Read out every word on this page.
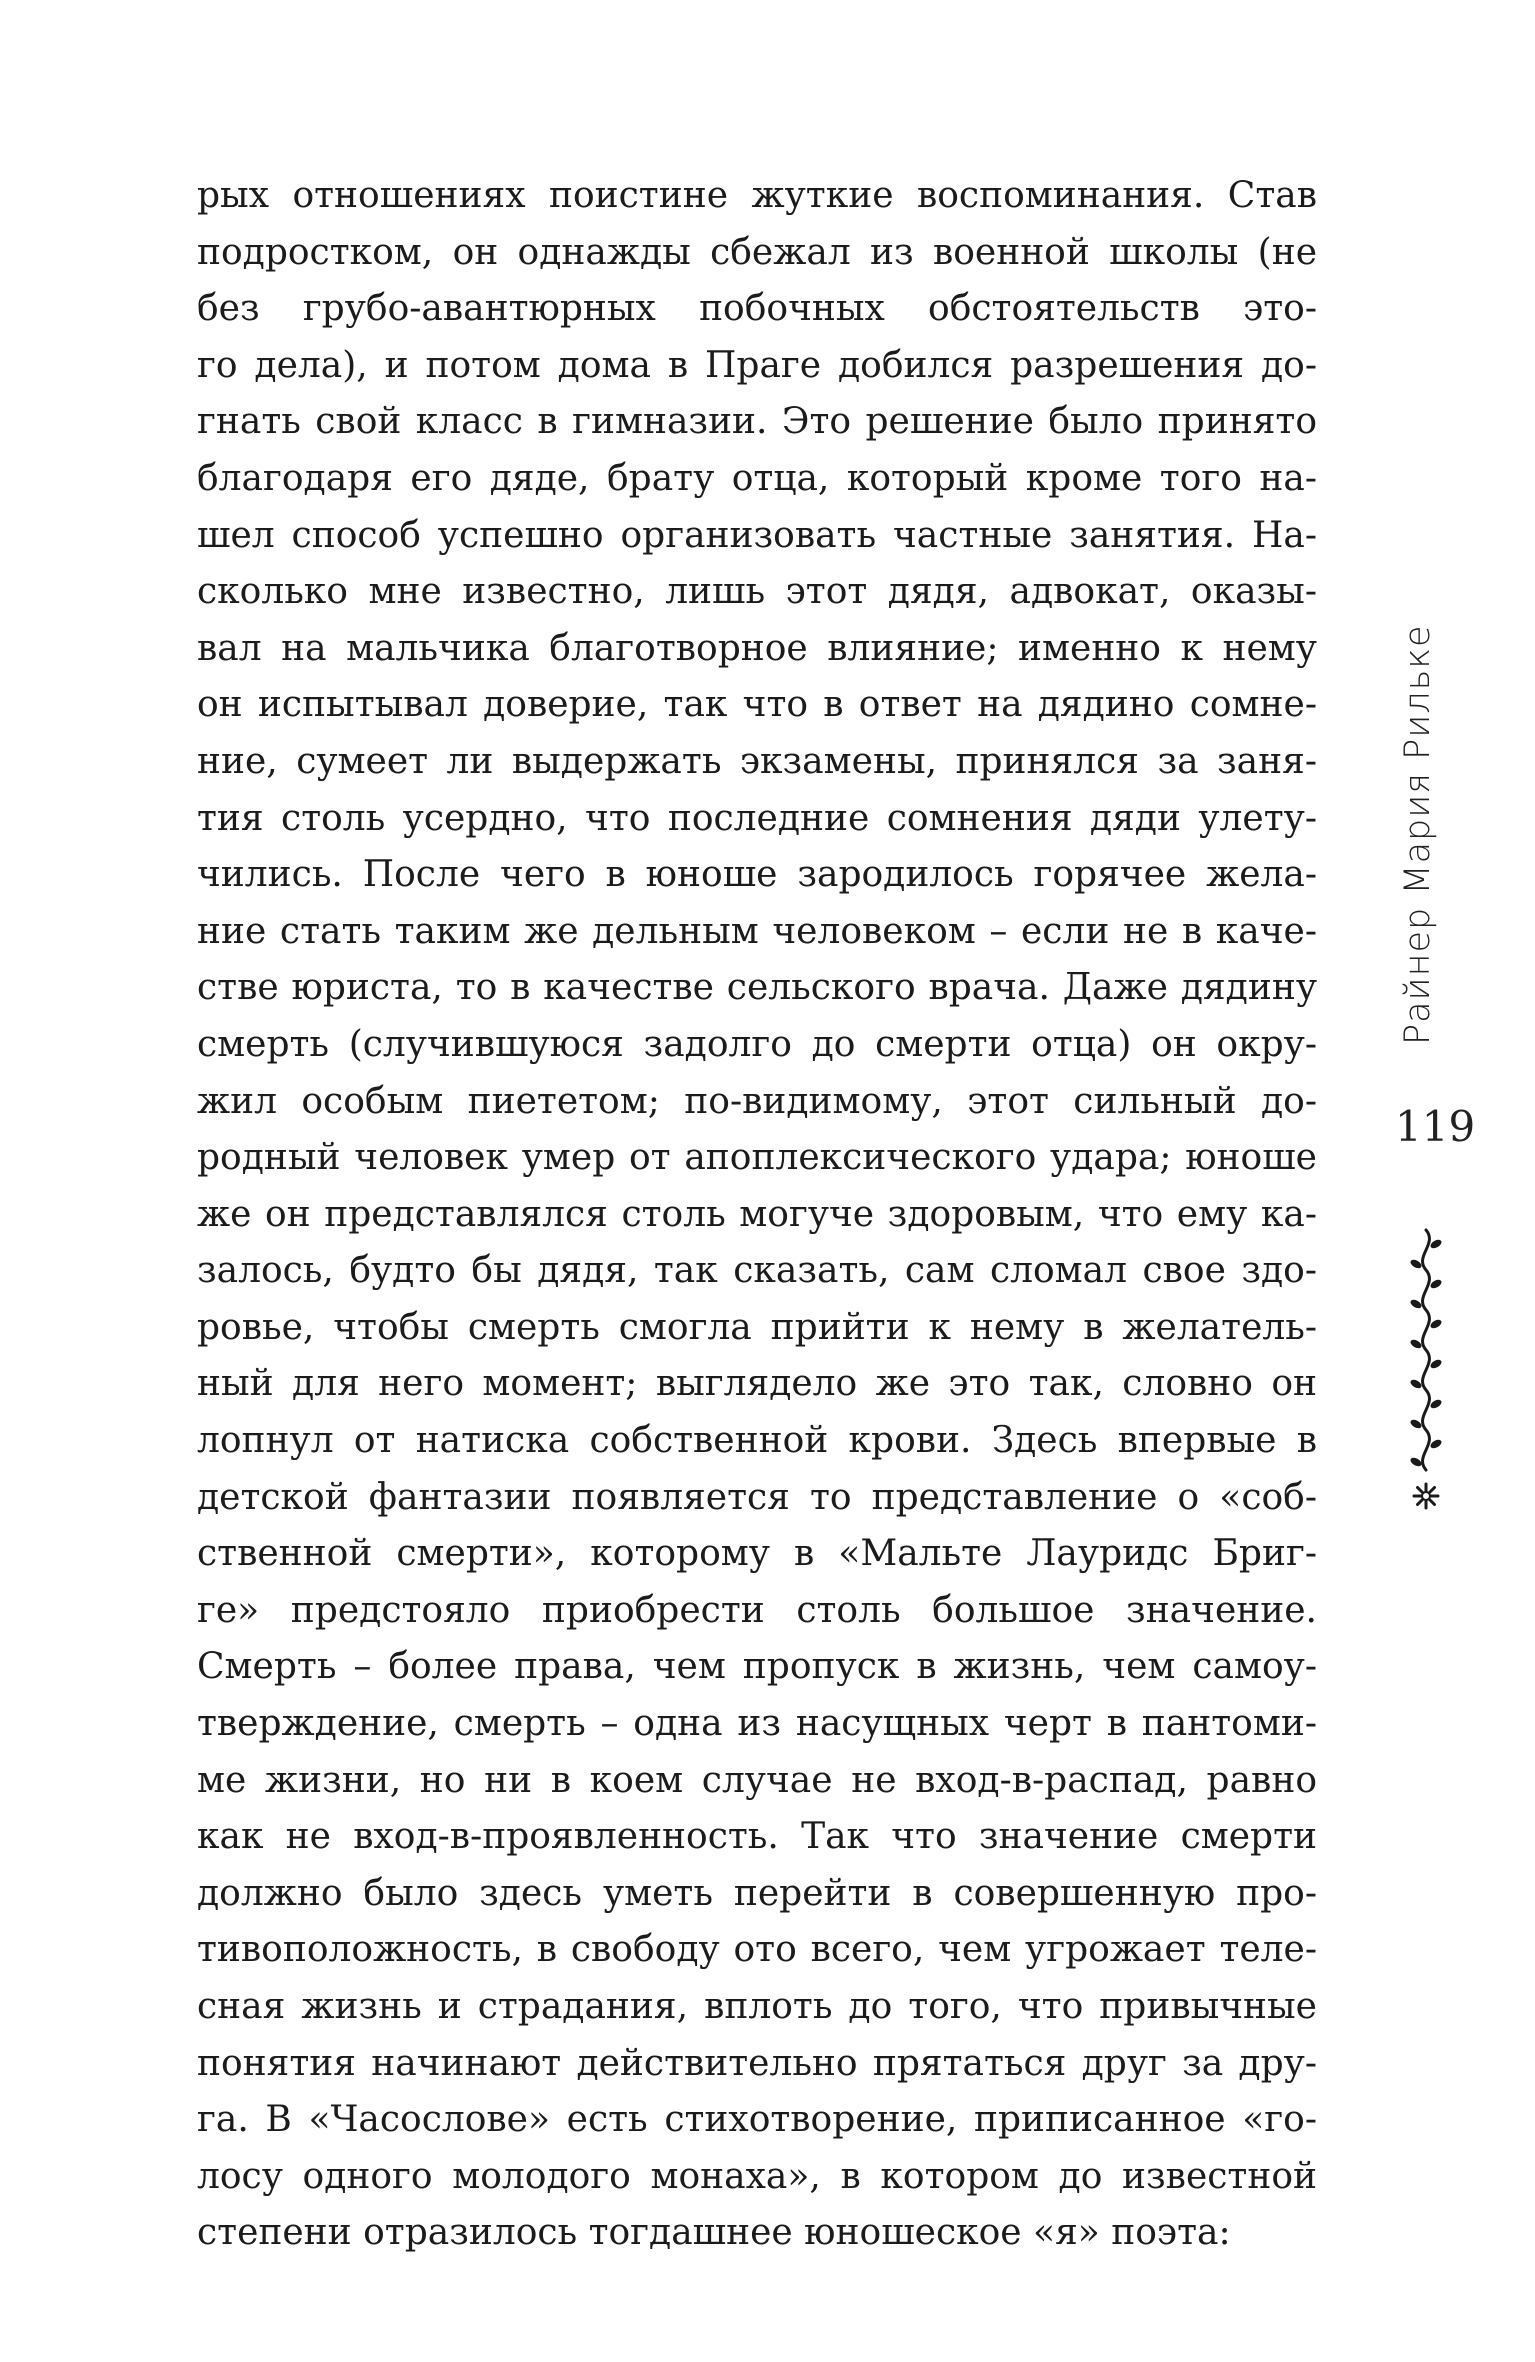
рых отношениях поистине жуткие воспоминания. Став
подростком, он однажды сбежал из военной школы (не
без грубо-авантюрных побочных обстоятельств это-
го дела), и потом дома в Праге добился разрешения до-
гнать свой класс в гимназии. Это решение было принято
благодаря его дяде, брату отца, который кроме того на-
шел способ успешно организовать частные занятия. На-
сколько мне известно, лишь этот дядя, адвокат, оказы-
вал на мальчика благотворное влияние; именно к нему
он испытывал доверие, так что в ответ на дядино сомне-
ние, сумеет ли выдержать экзамены, принялся за заня-
тия столь усердно, что последние сомнения дяди улету-
чились. После чего в юноше зародилось горячее жела-
ние стать таким же дельным человеком – если не в каче-
стве юриста, то в качестве сельского врача. Даже дядину
смерть (случившуюся задолго до смерти отца) он окру-
жил особым пиететом; по-видимому, этот сильный до-
родный человек умер от апоплексического удара; юноше
же он представлялся столь могуче здоровым, что ему ка-
залось, будто бы дядя, так сказать, сам сломал свое здо-
ровье, чтобы смерть смогла прийти к нему в желатель-
ный для него момент; выглядело же это так, словно он
лопнул от натиска собственной крови. Здесь впервые в
детской фантазии появляется то представление о «соб-
ственной смерти», которому в «Мальте Лауридс Бриг-
ге» предстояло приобрести столь большое значение.
Смерть – более права, чем пропуск в жизнь, чем самоу-
тверждение, смерть – одна из насущных черт в пантоми-
ме жизни, но ни в коем случае не вход-в-распад, равно
как не вход-в-проявленность. Так что значение смерти
должно было здесь уметь перейти в совершенную про-
тивоположность, в свободу ото всего, чем угрожает теле-
сная жизнь и страдания, вплоть до того, что привычные
понятия начинают действительно прятаться друг за дру-
га. В «Часослове» есть стихотворение, приписанное «го-
лосу одного молодого монаха», в котором до известной
степени отразилось тогдашнее юношеское «я» поэта:
Райнер Мария Рильке
119
